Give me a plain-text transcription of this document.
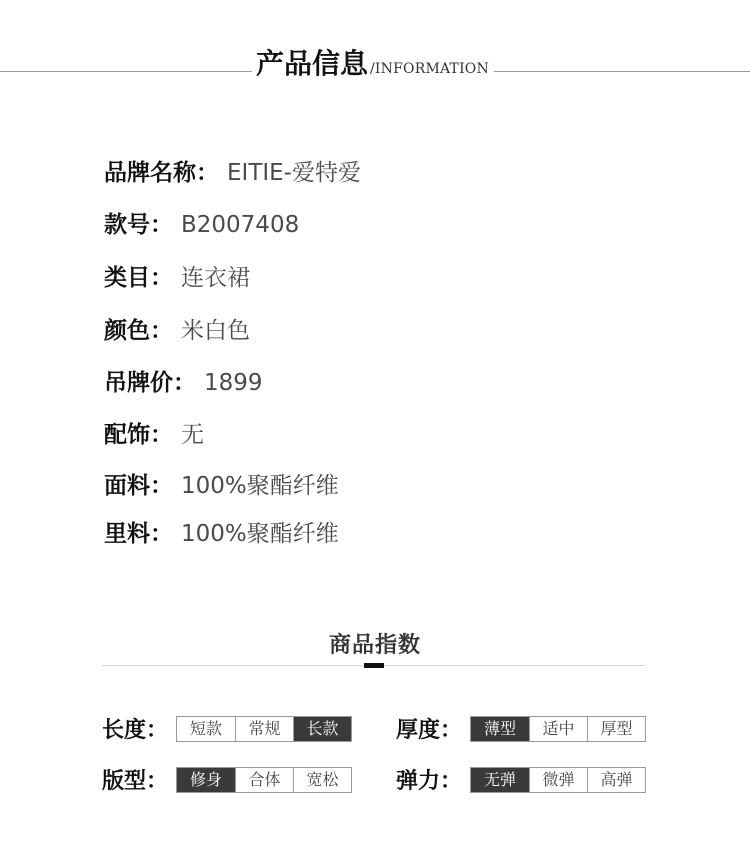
产品信息 /INFORMATION
品牌名称： EITIE-爱特爱
款号： B2007408
类目： 连衣裙
颜色： 米白色
吊牌价： 1899
配饰： 无
面料： 100%聚酯纤维
里料： 100%聚酯纤维
商品指数
长度：	短款	常规	长款	厚度：	薄型	适中	厚型
版型：	修身	合体	宽松	弹力：	无弹	微弹	高弹
